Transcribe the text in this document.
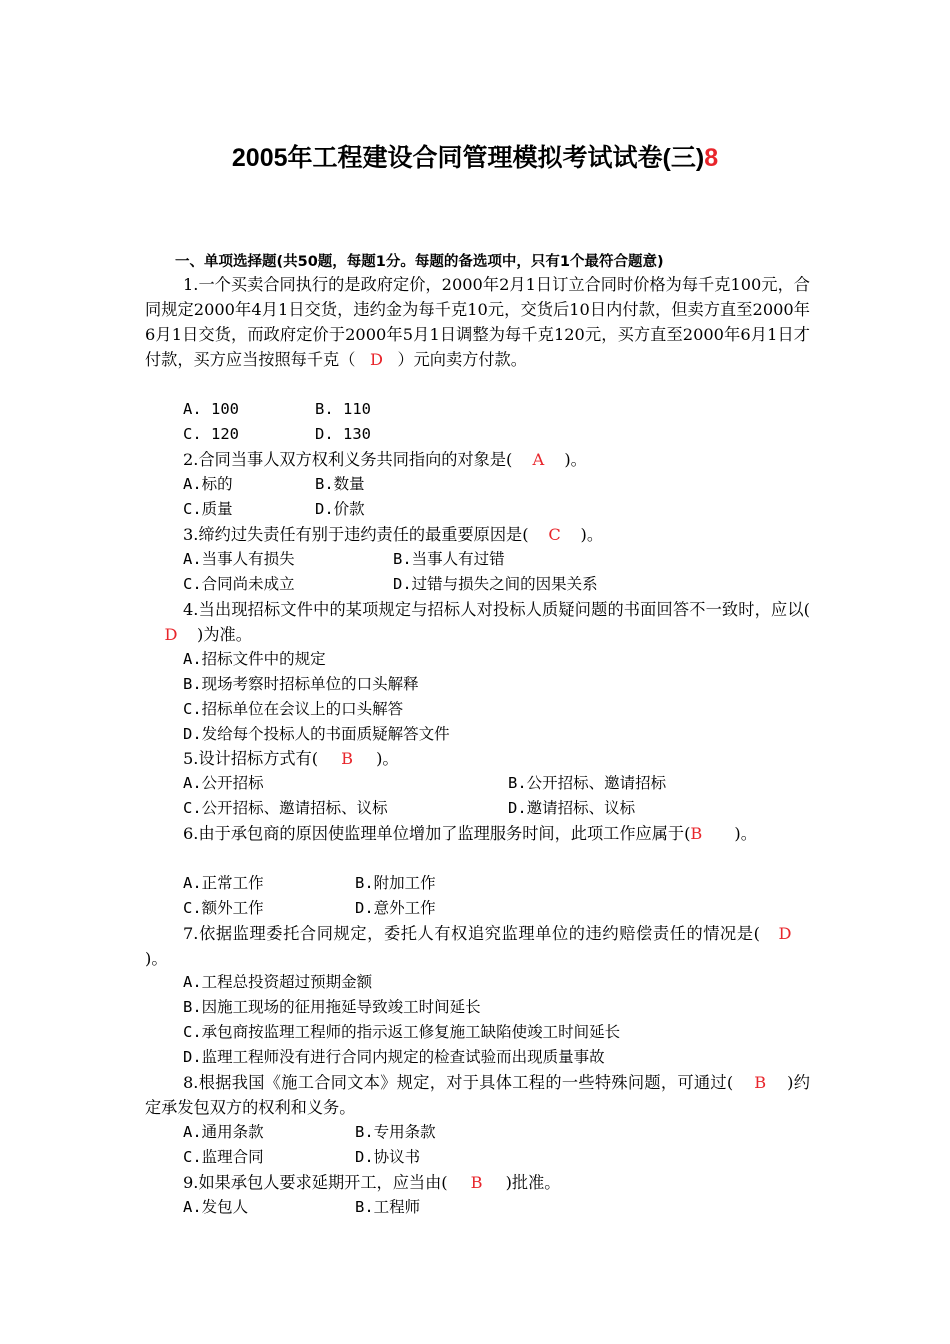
2005年工程建设合同管理模拟考试试卷(三)8
一、单项选择题(共50题，每题1分。每题的备选项中，只有1个最符合题意)
1.一个买卖合同执行的是政府定价，2000年2月1日订立合同时价格为每千克100元，合同规定2000年4月1日交货，违约金为每千克10元，交货后10日内付款，但卖方直至2000年6月1日交货，而政府定价于2000年5月1日调整为每千克120元，买方直至2000年6月1日才付款，买方应当按照每千克（ D ）元向卖方付款。
A. 100	B. 110
C. 120	D. 130
2.合同当事人双方权利义务共同指向的对象是( A )。
A.标的	B.数量
C.质量	D.价款
3.缔约过失责任有别于违约责任的最重要原因是( C )。
A.当事人有损失	B.当事人有过错
C.合同尚未成立	D.过错与损失之间的因果关系
4.当出现招标文件中的某项规定与招标人对投标人质疑问题的书面回答不一致时，应以(D )为准。
A.招标文件中的规定
B.现场考察时招标单位的口头解释
C.招标单位在会议上的口头解答
D.发给每个投标人的书面质疑解答文件
5.设计招标方式有( B )。
A.公开招标	B.公开招标、邀请招标
C.公开招标、邀请招标、议标	D.邀请招标、议标
6.由于承包商的原因使监理单位增加了监理服务时间，此项工作应属于(B )。
A.正常工作	B.附加工作
C.额外工作	D.意外工作
7.依据监理委托合同规定，委托人有权追究监理单位的违约赔偿责任的情况是( D)。
A.工程总投资超过预期金额
B.因施工现场的征用拖延导致竣工时间延长
C.承包商按监理工程师的指示返工修复施工缺陷使竣工时间延长
D.监理工程师没有进行合同内规定的检查试验而出现质量事故
8.根据我国《施工合同文本》规定，对于具体工程的一些特殊问题，可通过( B )约定承发包双方的权利和义务。
A.通用条款	B.专用条款
C.监理合同	D.协议书
9.如果承包人要求延期开工，应当由( B )批准。
A.发包人	B.工程师
